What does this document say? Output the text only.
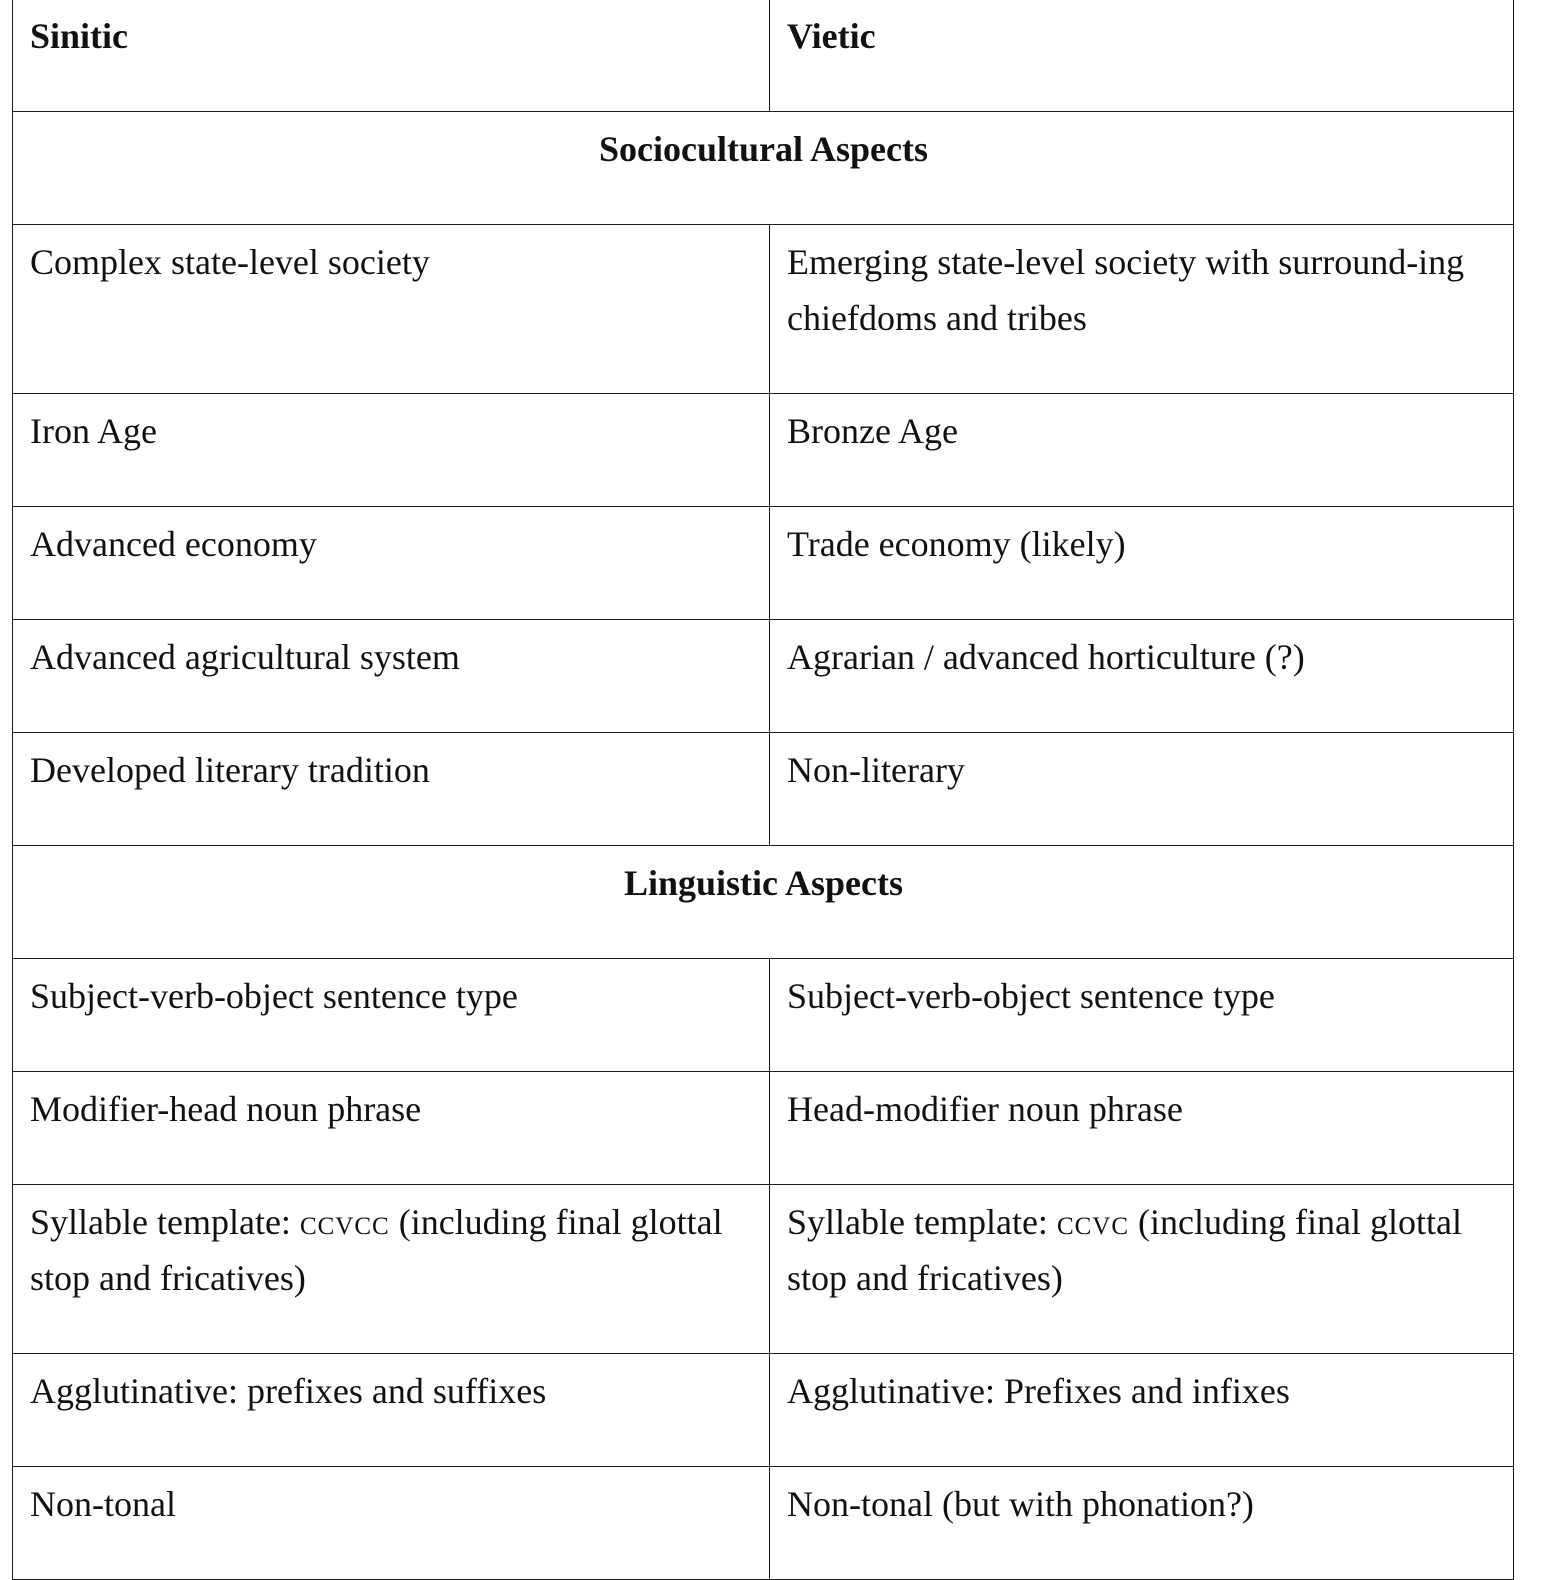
Sinitic	Vietic
Sociocultural Aspects	
Complex state-level society	Emerging state-level society with surround-ing chiefdoms and tribes
Iron Age	Bronze Age
Advanced economy	Trade economy (likely)
Advanced agricultural system	Agrarian / advanced horticulture (?)
Developed literary tradition	Non-literary
Linguistic Aspects	
Subject-verb-object sentence type	Subject-verb-object sentence type
Modifier-head noun phrase	Head-modifier noun phrase
Syllable template: ccvcc (including final glottal stop and fricatives)	Syllable template: ccvc (including final glottal stop and fricatives)
Agglutinative: prefixes and suffixes	Agglutinative: Prefixes and infixes
Non-tonal	Non-tonal (but with phonation?)
